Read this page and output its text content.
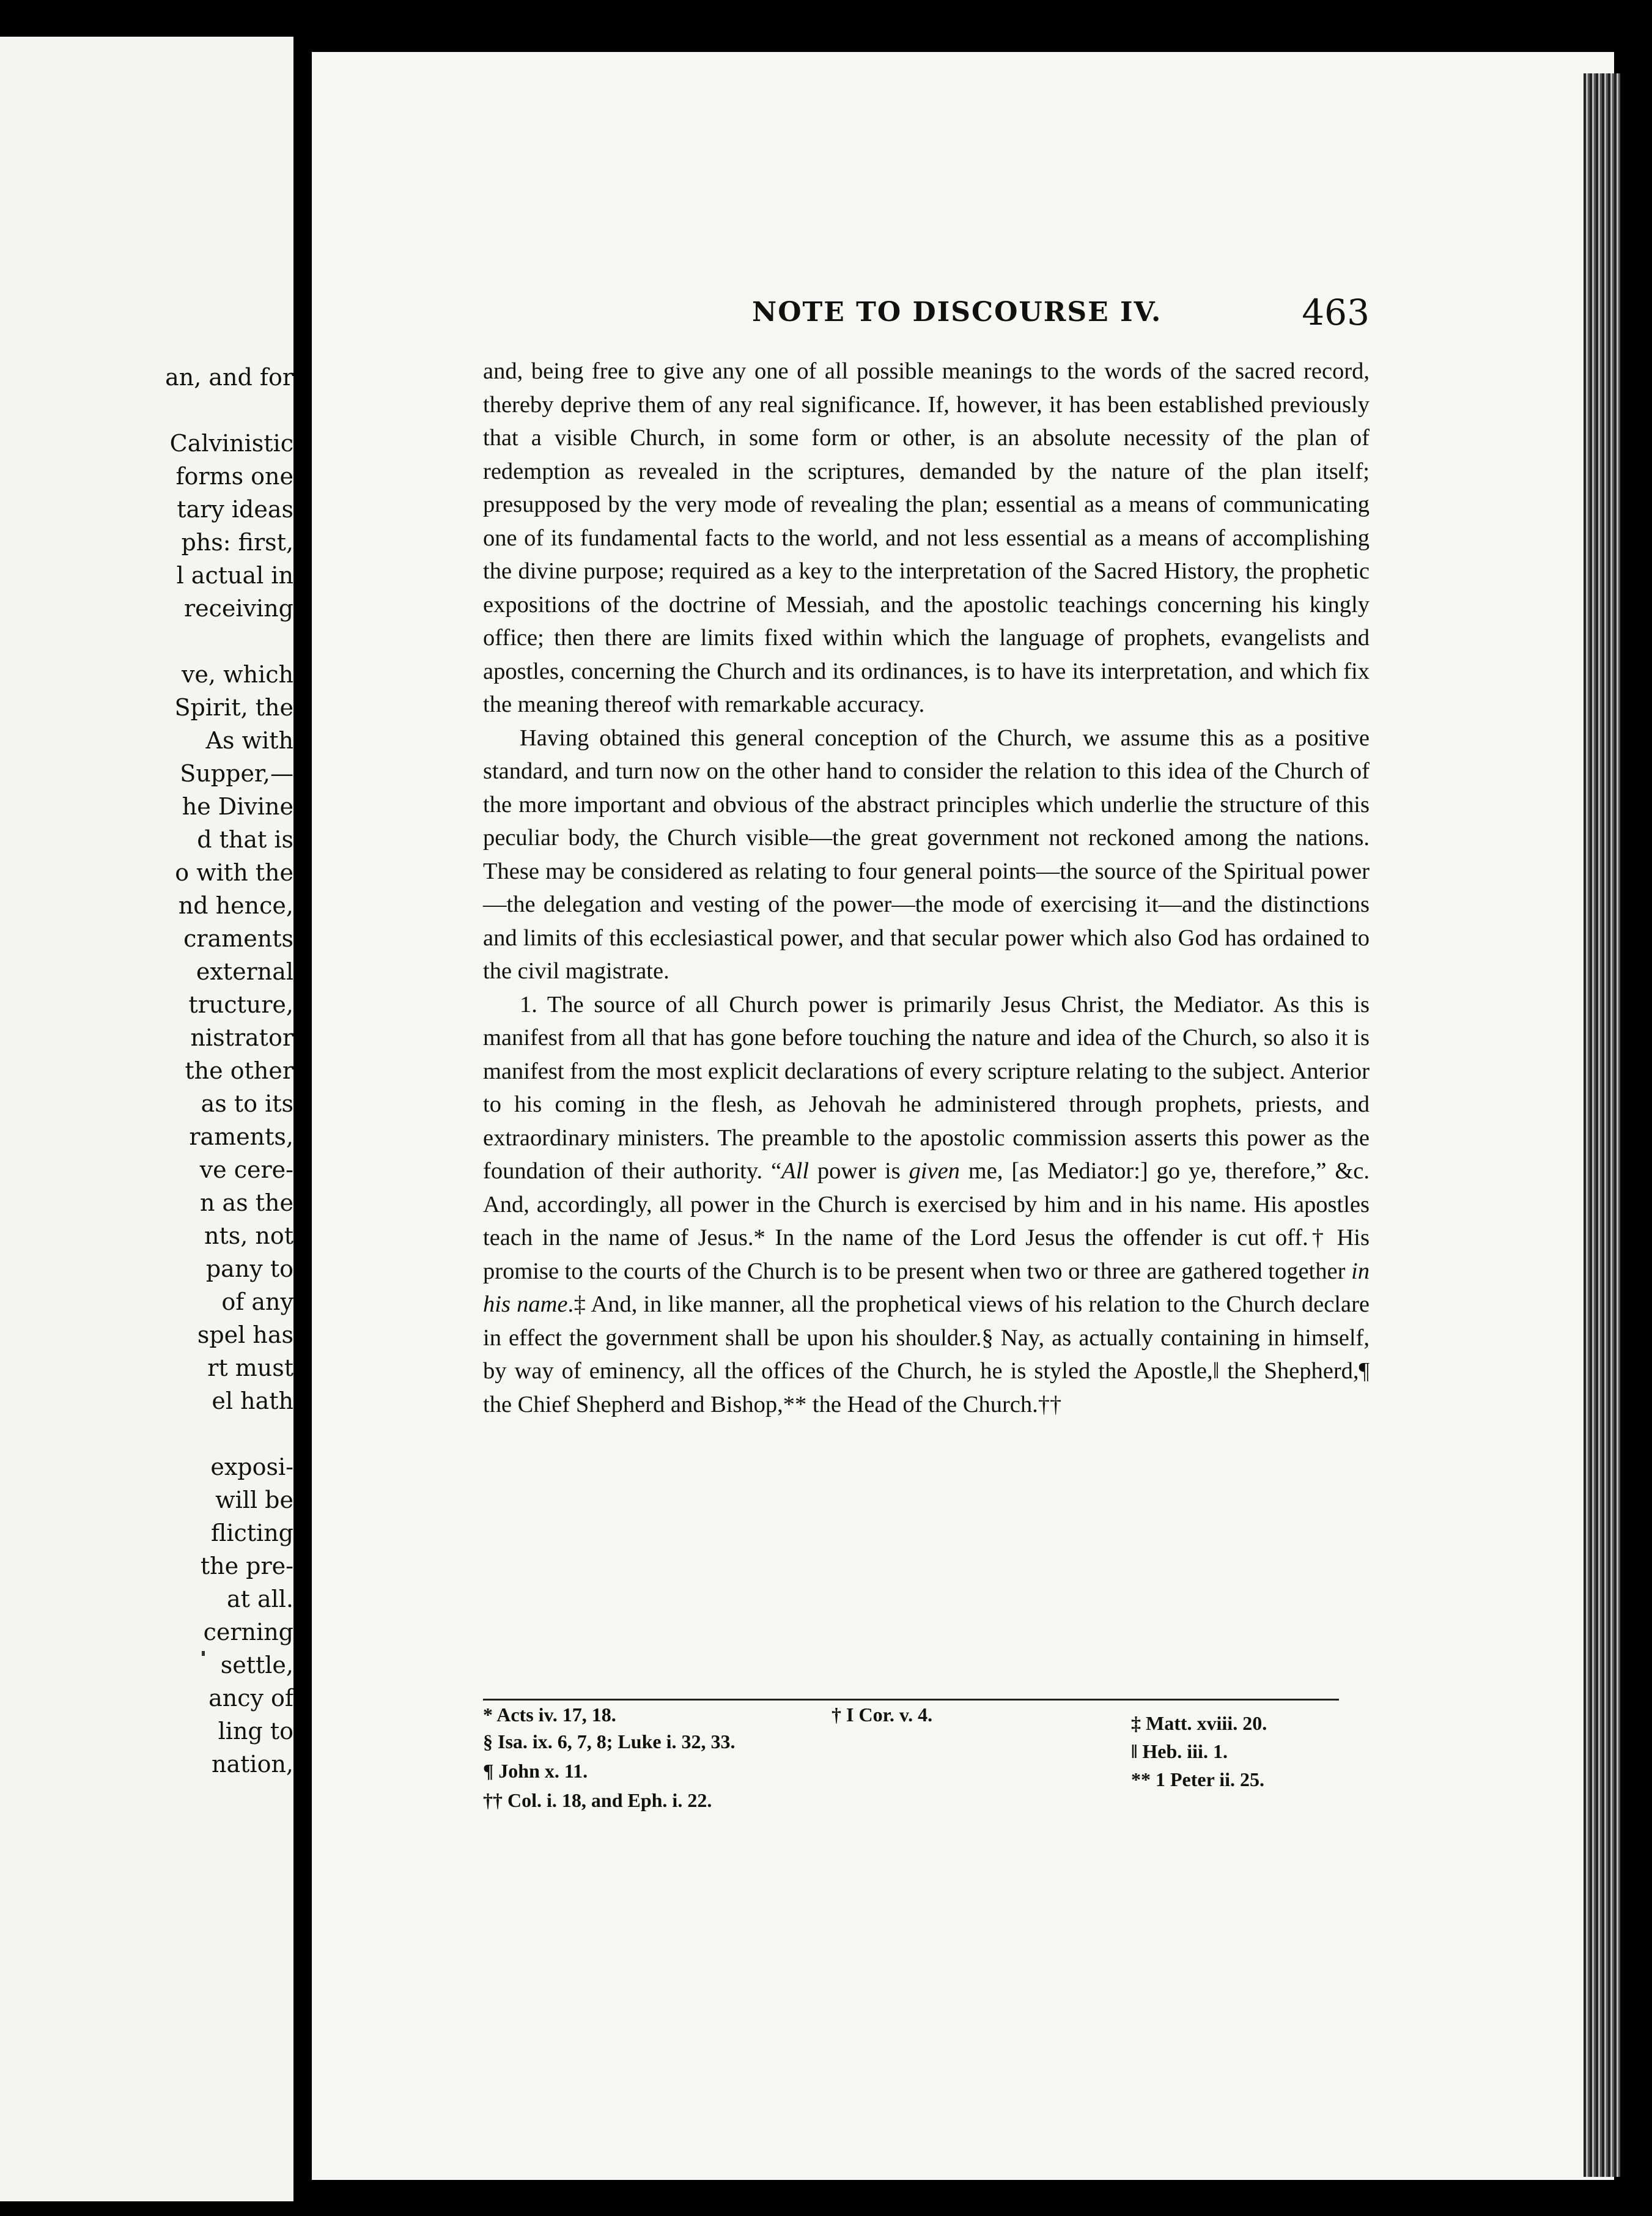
an, and for
Calvinistic
forms one
tary ideas
phs: first,
l actual in
receiving
ve, which
Spirit, the
As with
Supper,—
he Divine
d that is
o with the
nd hence,
craments
external
tructure,
nistrator
the other
as to its
raments,
ve cere-
n as the
nts, not
pany to
of any
spel has
rt must
el hath
exposi-
will be
flicting
the pre-
at all.
cerning
settle,
ancy of
ling to
nation,
NOTE TO DISCOURSE IV.	463

and, being free to give any one of all possible meanings to the words of the sacred record, thereby deprive them of any real significance. If, however, it has been established previously that a visible Church, in some form or other, is an absolute necessity of the plan of redemption as revealed in the scriptures, demanded by the nature of the plan itself; presupposed by the very mode of revealing the plan; essential as a means of communicating one of its fundamental facts to the world, and not less essential as a means of accomplishing the divine purpose; required as a key to the interpretation of the Sacred History, the prophetic expositions of the doctrine of Messiah, and the apostolic teachings concerning his kingly office; then there are limits fixed within which the language of prophets, evangelists and apostles, concerning the Church and its ordinances, is to have its interpretation, and which fix the meaning thereof with remarkable accuracy.

Having obtained this general conception of the Church, we assume this as a positive standard, and turn now on the other hand to consider the relation to this idea of the Church of the more important and obvious of the abstract principles which underlie the structure of this peculiar body, the Church visible—the great government not reckoned among the nations. These may be considered as relating to four general points—the source of the Spiritual power—the delegation and vesting of the power—the mode of exercising it—and the distinctions and limits of this ecclesiastical power, and that secular power which also God has ordained to the civil magistrate.

1. The source of all Church power is primarily Jesus Christ, the Mediator. As this is manifest from all that has gone before touching the nature and idea of the Church, so also it is manifest from the most explicit declarations of every scripture relating to the subject. Anterior to his coming in the flesh, as Jehovah he administered through prophets, priests, and extraordinary ministers. The preamble to the apostolic commission asserts this power as the foundation of their authority. “All power is given me, [as Mediator:] go ye, therefore,” &c. And, accordingly, all power in the Church is exercised by him and in his name. His apostles teach in the name of Jesus.* In the name of the Lord Jesus the offender is cut off.† His promise to the courts of the Church is to be present when two or three are gathered together in his name.‡ And, in like manner, all the prophetical views of his relation to the Church declare in effect the government shall be upon his shoulder.§ Nay, as actually containing in himself, by way of eminency, all the offices of the Church, he is styled the Apostle,‖ the Shepherd,¶ the Chief Shepherd and Bishop,** the Head of the Church.††

* Acts iv. 17, 18.	† I Cor. v. 4.	‡ Matt. xviii. 20.
§ Isa. ix. 6, 7, 8; Luke i. 32, 33.	‖ Heb. iii. 1.
¶ John x. 11.	** 1 Peter ii. 25.
†† Col. i. 18, and Eph. i. 22.
